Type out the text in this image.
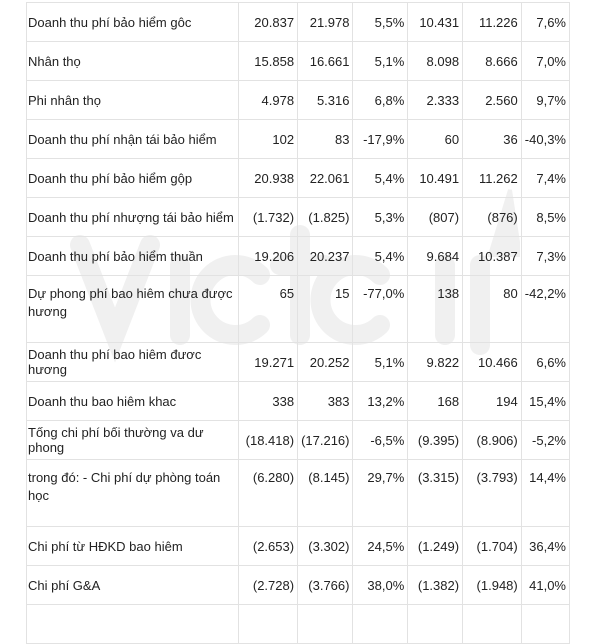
Doanh thu phí bảo hiểm gôc	20.837	21.978	5,5%	10.431	11.226	7,6%
Nhân thọ	15.858	16.661	5,1%	8.098	8.666	7,0%
Phi nhân thọ	4.978	5.316	6,8%	2.333	2.560	9,7%
Doanh thu phí nhận tái bảo hiểm	102	83	-17,9%	60	36	-40,3%
Doanh thu phí bảo hiểm gộp	20.938	22.061	5,4%	10.491	11.262	7,4%
Doanh thu phí nhượng tái bảo hiểm	(1.732)	(1.825)	5,3%	(807)	(876)	8,5%
Doanh thu phí bảo hiểm thuần	19.206	20.237	5,4%	9.684	10.387	7,3%
Dự phong phí bao hiêm chưa được hương	65	15	-77,0%	138	80	-42,2%
Doanh thu phí bao hiêm đươc hương	19.271	20.252	5,1%	9.822	10.466	6,6%
Doanh thu bao hiêm khac	338	383	13,2%	168	194	15,4%
Tống chi phí bối thường va dư phong	(18.418)	(17.216)	-6,5%	(9.395)	(8.906)	-5,2%
trong đó: - Chi phí dự phòng toán học	(6.280)	(8.145)	29,7%	(3.315)	(3.793)	14,4%
Chi phí từ HĐKD bao hiêm	(2.653)	(3.302)	24,5%	(1.249)	(1.704)	36,4%
Chi phí G&A	(2.728)	(3.766)	38,0%	(1.382)	(1.948)	41,0%
